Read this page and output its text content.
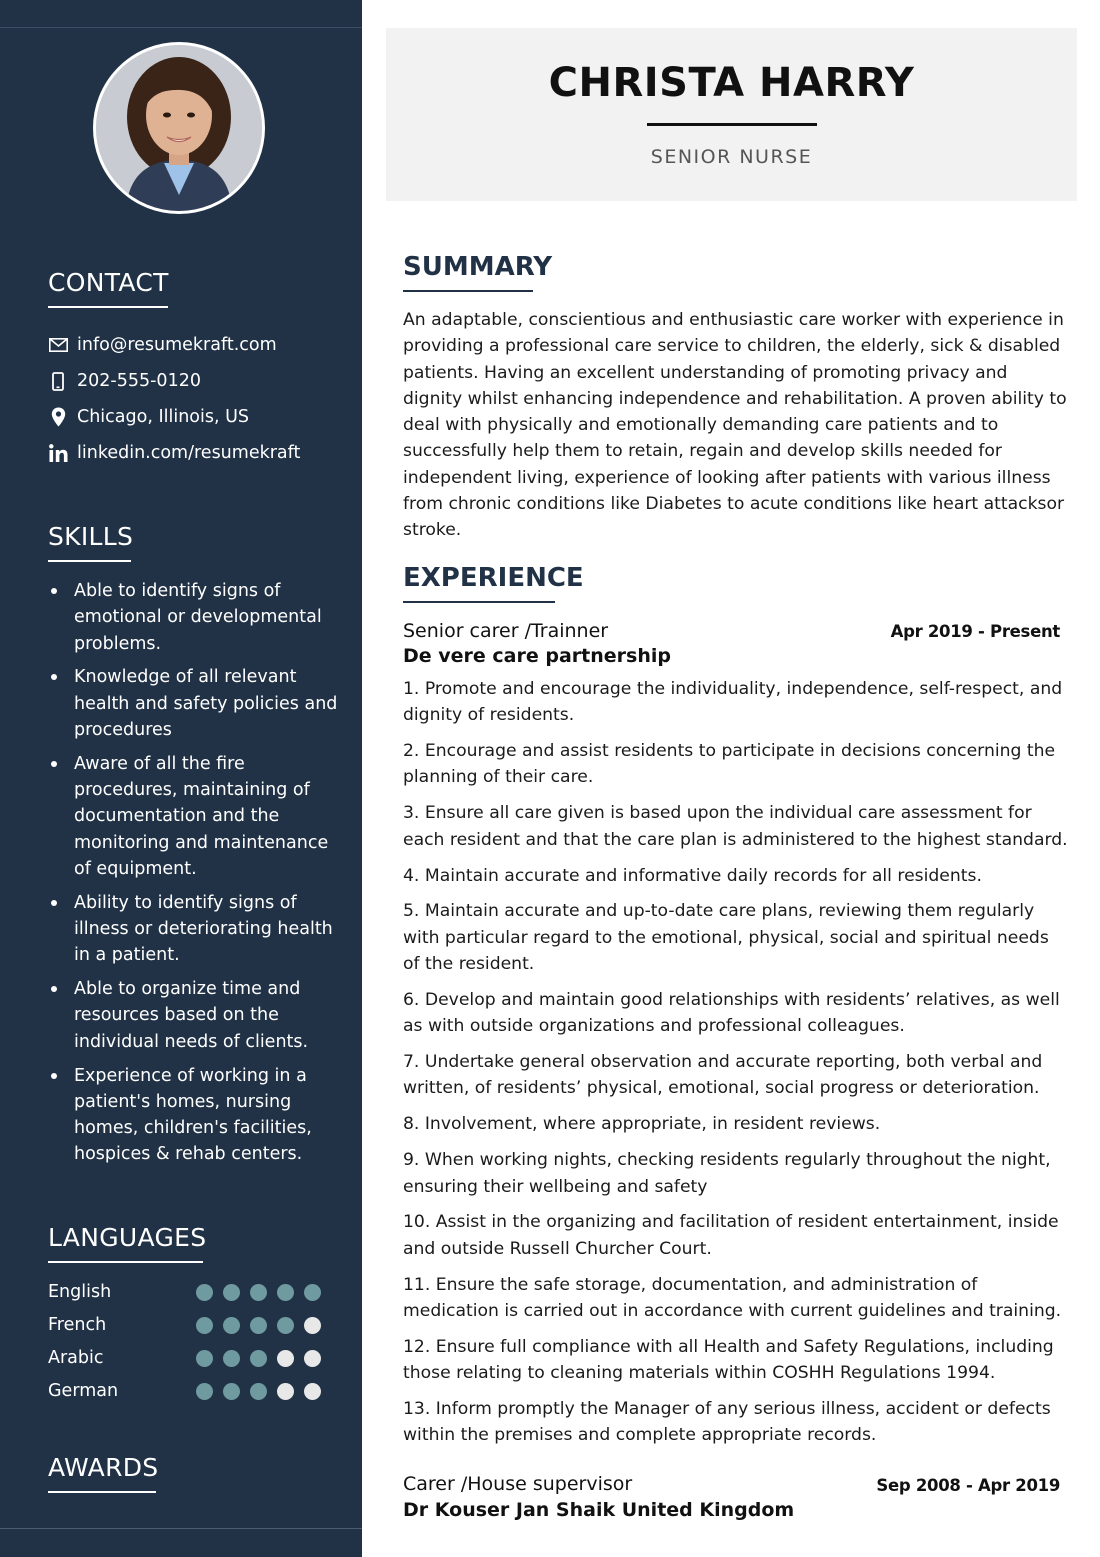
CONTACT
info@resumekraft.com
202-555-0120
Chicago, Illinois, US
linkedin.com/resumekraft
SKILLS
Able to identify signs of emotional or developmental problems.
Knowledge of all relevant health and safety policies and procedures
Aware of all the fire procedures, maintaining of documentation and the monitoring and maintenance of equipment.
Ability to identify signs of illness or deteriorating health in a patient.
Able to organize time and resources based on the individual needs of clients.
Experience of working in a patient's homes, nursing homes, children's facilities, hospices & rehab centers.
LANGUAGES
English
French
Arabic
German
AWARDS
CHRISTA HARRY
SENIOR NURSE
SUMMARY

An adaptable, conscientious and enthusiastic care worker with experience in providing a professional care service to children, the elderly, sick & disabled patients. Having an excellent understanding of promoting privacy and dignity whilst enhancing independence and rehabilitation. A proven ability to deal with physically and emotionally demanding care patients and to successfully help them to retain, regain and develop skills needed for independent living, experience of looking after patients with various illness from chronic conditions like Diabetes to acute conditions like heart attacksor stroke.

EXPERIENCE
Senior carer /Trainner	Apr 2019 - Present
De vere care partnership
1. Promote and encourage the individuality, independence, self-respect, and dignity of residents.
2. Encourage and assist residents to participate in decisions concerning the planning of their care.
3. Ensure all care given is based upon the individual care assessment for each resident and that the care plan is administered to the highest standard.
4. Maintain accurate and informative daily records for all residents.
5. Maintain accurate and up-to-date care plans, reviewing them regularly with particular regard to the emotional, physical, social and spiritual needs of the resident.
6. Develop and maintain good relationships with residents’ relatives, as well as with outside organizations and professional colleagues.
7. Undertake general observation and accurate reporting, both verbal and written, of residents’ physical, emotional, social progress or deterioration.
8. Involvement, where appropriate, in resident reviews.
9. When working nights, checking residents regularly throughout the night, ensuring their wellbeing and safety
10. Assist in the organizing and facilitation of resident entertainment, inside and outside Russell Churcher Court.
11. Ensure the safe storage, documentation, and administration of medication is carried out in accordance with current guidelines and training.
12. Ensure full compliance with all Health and Safety Regulations, including those relating to cleaning materials within COSHH Regulations 1994.
13. Inform promptly the Manager of any serious illness, accident or defects within the premises and complete appropriate records.
Carer /House supervisor	Sep 2008 - Apr 2019
Dr Kouser Jan Shaik United Kingdom
